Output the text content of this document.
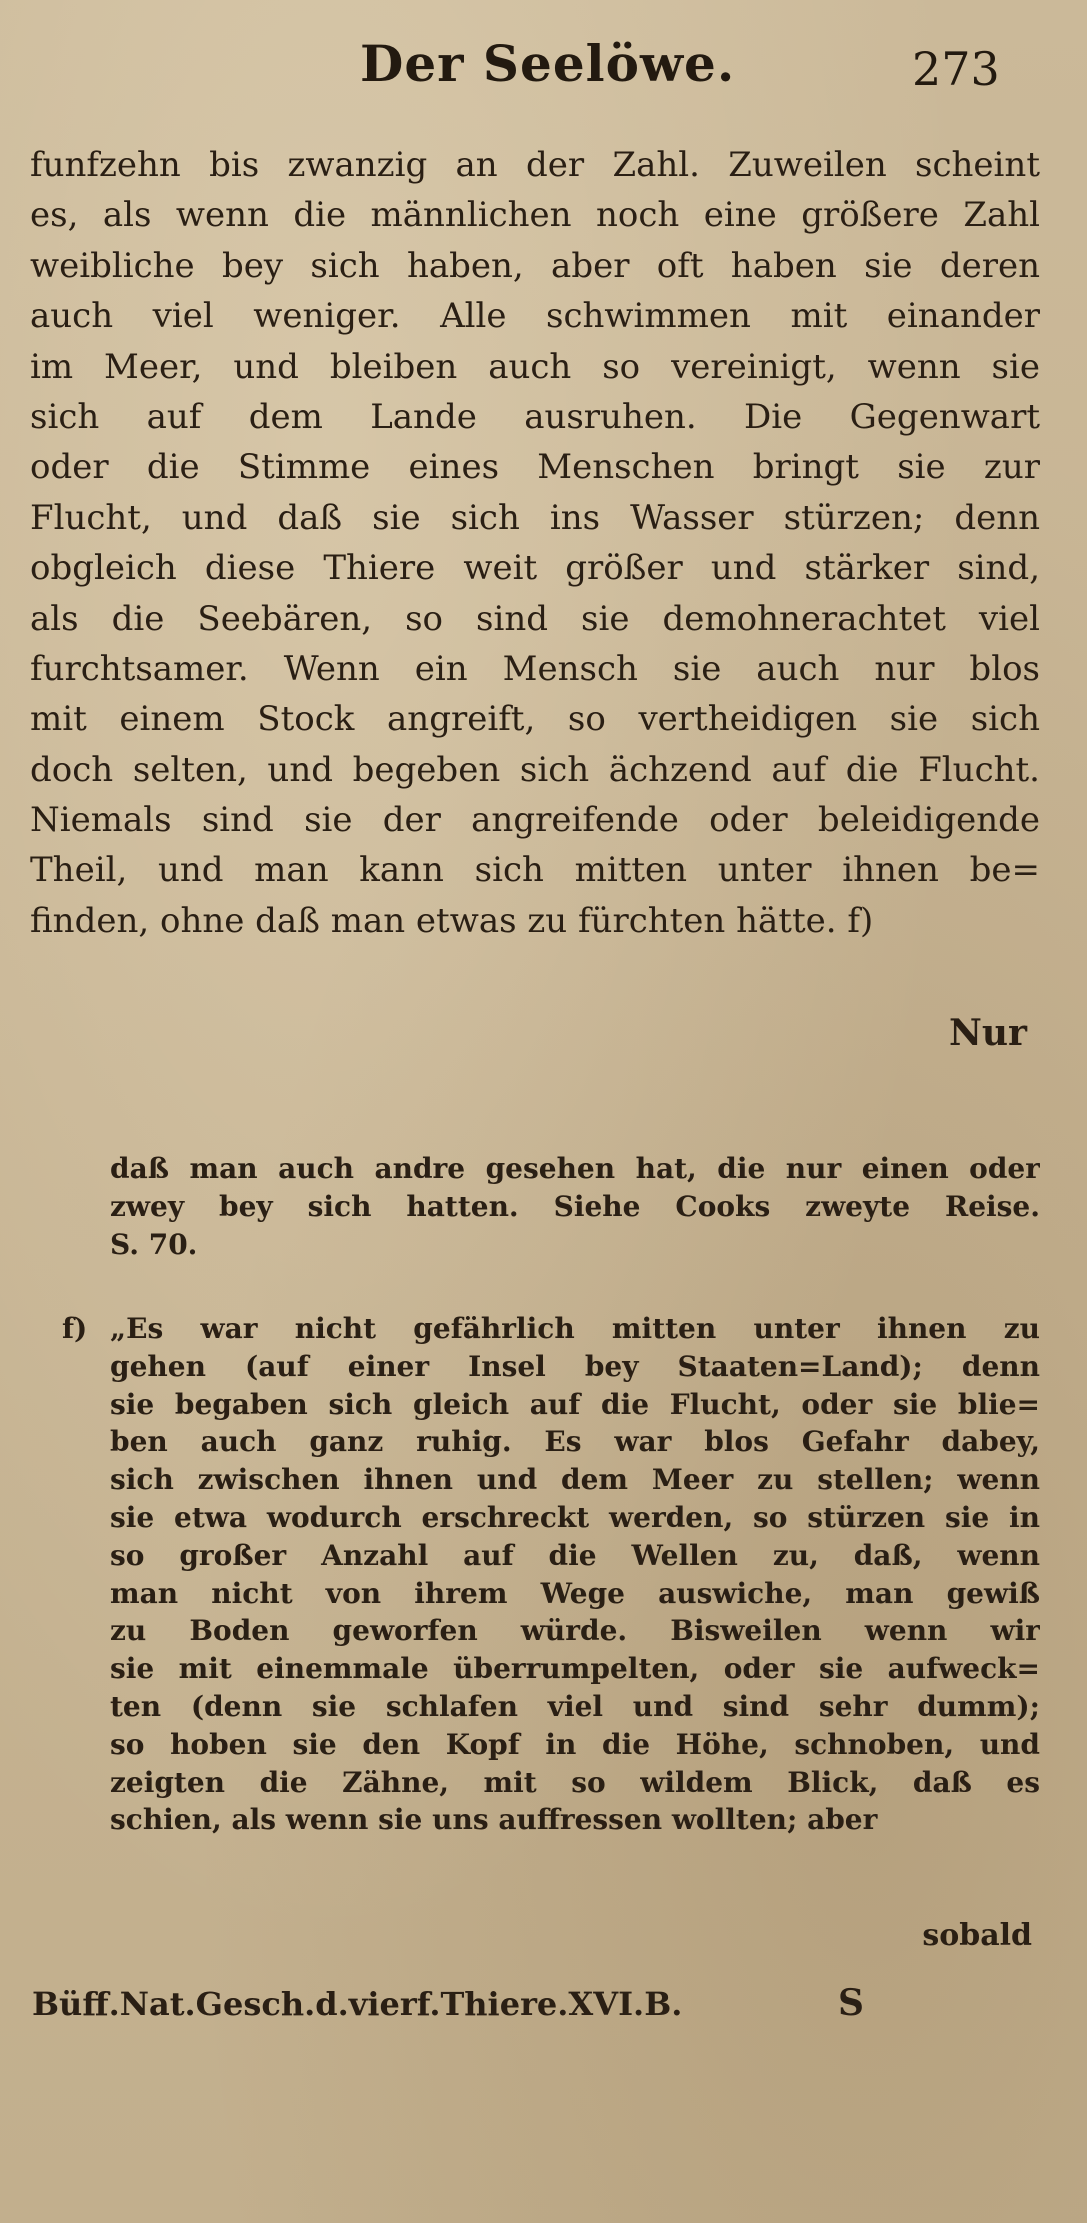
Der Seelöwe.	273
funfzehn bis zwanzig an der Zahl. Zuweilen scheint
es, als wenn die männlichen noch eine größere Zahl
weibliche bey sich haben, aber oft haben sie deren
auch viel weniger. Alle schwimmen mit einander
im Meer, und bleiben auch so vereinigt, wenn sie
sich auf dem Lande ausruhen. Die Gegenwart
oder die Stimme eines Menschen bringt sie zur
Flucht, und daß sie sich ins Wasser stürzen; denn
obgleich diese Thiere weit größer und stärker sind,
als die Seebären, so sind sie demohnerachtet viel
furchtsamer. Wenn ein Mensch sie auch nur blos
mit einem Stock angreift, so vertheidigen sie sich
doch selten, und begeben sich ächzend auf die Flucht.
Niemals sind sie der angreifende oder beleidigende
Theil, und man kann sich mitten unter ihnen be=
finden, ohne daß man etwas zu fürchten hätte. f)
Nur
daß man auch andre gesehen hat, die nur einen oder
zwey bey sich hatten. Siehe Cooks zweyte Reise.
S. 70.
f) „Es war nicht gefährlich mitten unter ihnen zu
gehen (auf einer Insel bey Staaten=Land); denn
sie begaben sich gleich auf die Flucht, oder sie blie=
ben auch ganz ruhig. Es war blos Gefahr dabey,
sich zwischen ihnen und dem Meer zu stellen; wenn
sie etwa wodurch erschreckt werden, so stürzen sie in
so großer Anzahl auf die Wellen zu, daß, wenn
man nicht von ihrem Wege auswiche, man gewiß
zu Boden geworfen würde. Bisweilen wenn wir
sie mit einemmale überrumpelten, oder sie aufweck=
ten (denn sie schlafen viel und sind sehr dumm);
so hoben sie den Kopf in die Höhe, schnoben, und
zeigten die Zähne, mit so wildem Blick, daß es
schien, als wenn sie uns auffressen wollten; aber
sobald
Büff.Nat.Gesch.d.vierf.Thiere.XVI.B.	S
